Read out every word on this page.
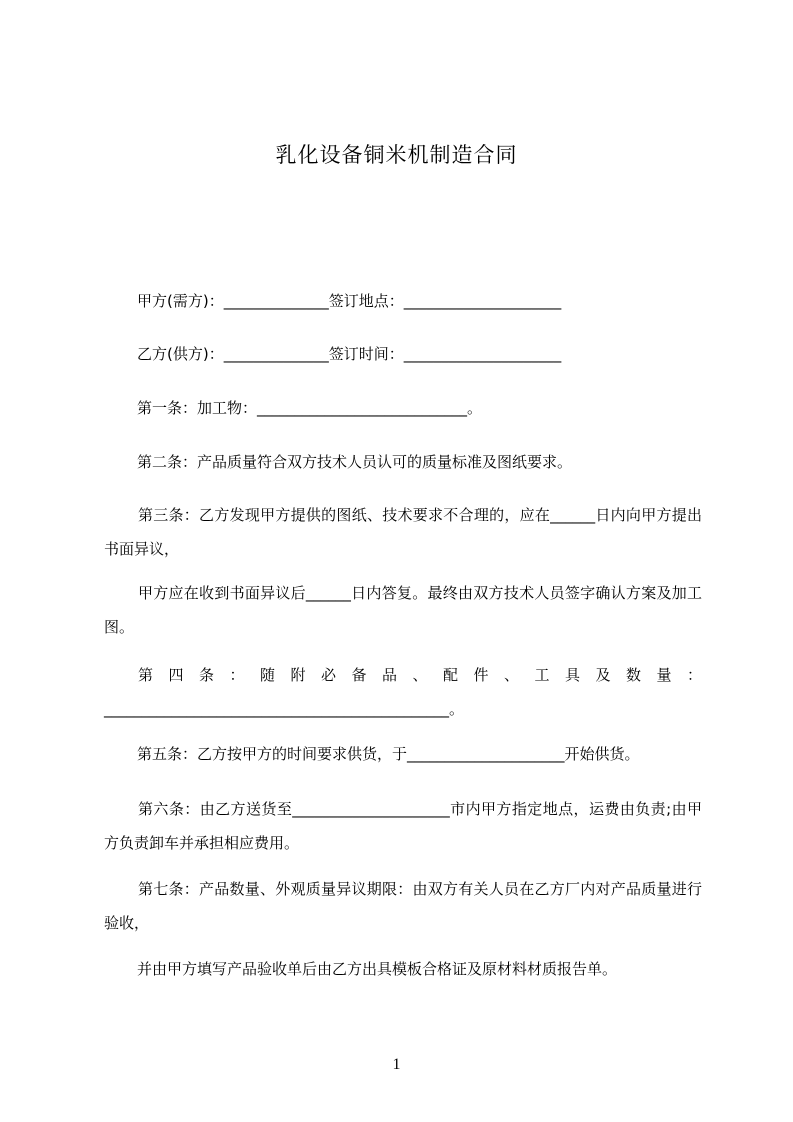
乳化设备铜米机制造合同
甲方(需方)：______________签订地点：_____________________
乙方(供方)：______________签订时间：_____________________
第一条：加工物：____________________________。
第二条：产品质量符合双方技术人员认可的质量标准及图纸要求。
第三条：乙方发现甲方提供的图纸、技术要求不合理的，应在______日内向甲方提出书面异议，
甲方应在收到书面异议后______日内答复。最终由双方技术人员签字确认方案及加工图。
第四条：随附必备品、配件、工具及数量：______________________________________________。
第五条：乙方按甲方的时间要求供货，于_____________________开始供货。
第六条：由乙方送货至_____________________市内甲方指定地点，运费由负责;由甲方负责卸车并承担相应费用。
第七条：产品数量、外观质量异议期限：由双方有关人员在乙方厂内对产品质量进行验收，
并由甲方填写产品验收单后由乙方出具模板合格证及原材料材质报告单。
1
